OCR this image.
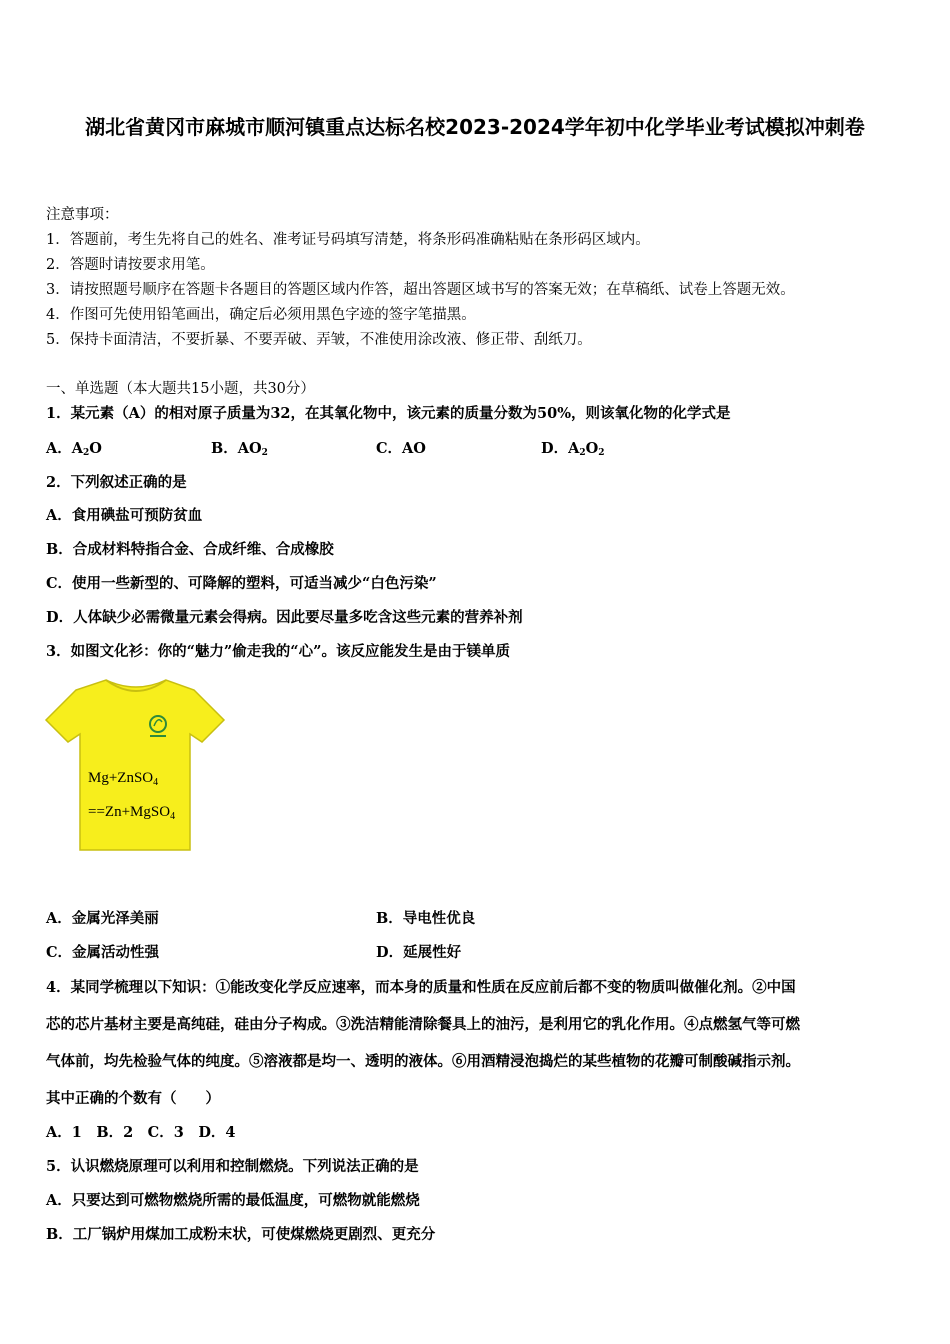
湖北省黄冈市麻城市顺河镇重点达标名校2023-2024学年初中化学毕业考试模拟冲刺卷
注意事项：
1．答题前，考生先将自己的姓名、准考证号码填写清楚，将条形码准确粘贴在条形码区域内。
2．答题时请按要求用笔。
3．请按照题号顺序在答题卡各题目的答题区域内作答，超出答题区域书写的答案无效；在草稿纸、试卷上答题无效。
4．作图可先使用铅笔画出，确定后必须用黑色字迹的签字笔描黑。
5．保持卡面清洁，不要折暴、不要弄破、弄皱，不准使用涂改液、修正带、刮纸刀。
一、单选题（本大题共15小题，共30分）
1．某元素（A）的相对原子质量为32，在其氧化物中，该元素的质量分数为50%，则该氧化物的化学式是
A．$A_2O$	B．$AO_2$	C．AO	D．$A_2O_2$
2．下列叙述正确的是
A．食用碘盐可预防贫血
B．合成材料特指合金、合成纤维、合成橡胶
C．使用一些新型的、可降解的塑料，可适当减少“白色污染”
D．人体缺少必需微量元素会得病。因此要尽量多吃含这些元素的营养补剂
3．如图文化衫：你的“魅力”偷走我的“心”。该反应能发生是由于镁单质
Mg+ZnSO$_4$
==Zn+MgSO$_4$
A．金属光泽美丽	B．导电性优良
C．金属活动性强	D．延展性好
4．某同学梳理以下知识：①能改变化学反应速率，而本身的质量和性质在反应前后都不变的物质叫做催化剂。②中国
芯的芯片基材主要是高纯硅，硅由分子构成。③洗洁精能清除餐具上的油污，是利用它的乳化作用。④点燃氢气等可燃
气体前，均先检验气体的纯度。⑤溶液都是均一、透明的液体。⑥用酒精浸泡捣烂的某些植物的花瓣可制酸碱指示剂。
其中正确的个数有（　　）
A．1　B．2　C．3　D．4
5．认识燃烧原理可以利用和控制燃烧。下列说法正确的是
A．只要达到可燃物燃烧所需的最低温度，可燃物就能燃烧
B．工厂锅炉用煤加工成粉末状，可使煤燃烧更剧烈、更充分
